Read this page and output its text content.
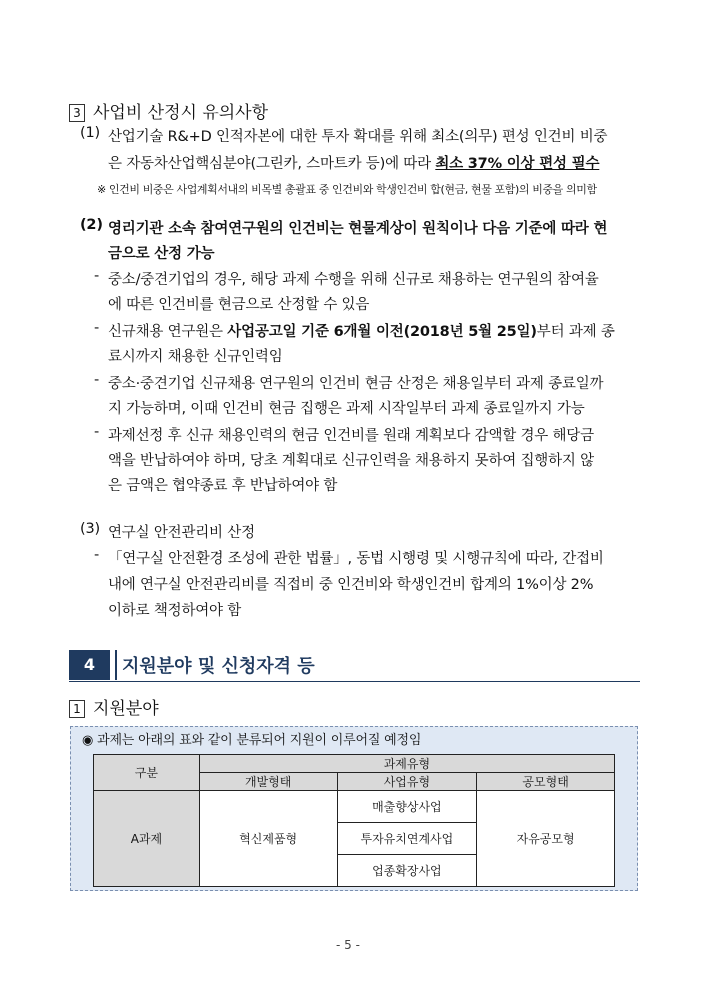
3 사업비 산정시 유의사항
(1) 산업기술 R&+D 인적자본에 대한 투자 확대를 위해 최소(의무) 편성 인건비 비중
은 자동차산업핵심분야(그린카, 스마트카 등)에 따라 최소 37% 이상 편성 필수
※ 인건비 비중은 사업계획서내의 비목별 총괄표 중 인건비와 학생인건비 합(현금, 현물 포함)의 비중을 의미함
(2) 영리기관 소속 참여연구원의 인건비는 현물계상이 원칙이나 다음 기준에 따라 현
금으로 산정 가능
- 중소/중견기업의 경우, 해당 과제 수행을 위해 신규로 채용하는 연구원의 참여율
에 따른 인건비를 현금으로 산정할 수 있음
- 신규채용 연구원은 사업공고일 기준 6개월 이전(2018년 5월 25일)부터 과제 종
료시까지 채용한 신규인력임
- 중소·중견기업 신규채용 연구원의 인건비 현금 산정은 채용일부터 과제 종료일까
지 가능하며, 이때 인건비 현금 집행은 과제 시작일부터 과제 종료일까지 가능
- 과제선정 후 신규 채용인력의 현금 인건비를 원래 계획보다 감액할 경우 해당금
액을 반납하여야 하며, 당초 계획대로 신규인력을 채용하지 못하여 집행하지 않
은 금액은 협약종료 후 반납하여야 함
(3) 연구실 안전관리비 산정
- 「연구실 안전환경 조성에 관한 법률」, 동법 시행령 및 시행규칙에 따라, 간접비
내에 연구실 안전관리비를 직접비 중 인건비와 학생인건비 합계의 1%이상 2%
이하로 책정하여야 함
4	지원분야 및 신청자격 등
1 지원분야
◉ 과제는 아래의 표와 같이 분류되어 지원이 이루어질 예정임
구분	과제유형		
	개발형태	사업유형	공모형태
A과제	혁신제품형	매출향상사업	자유공모형
		투자유치연계사업	
		업종확장사업	
- 5 -
